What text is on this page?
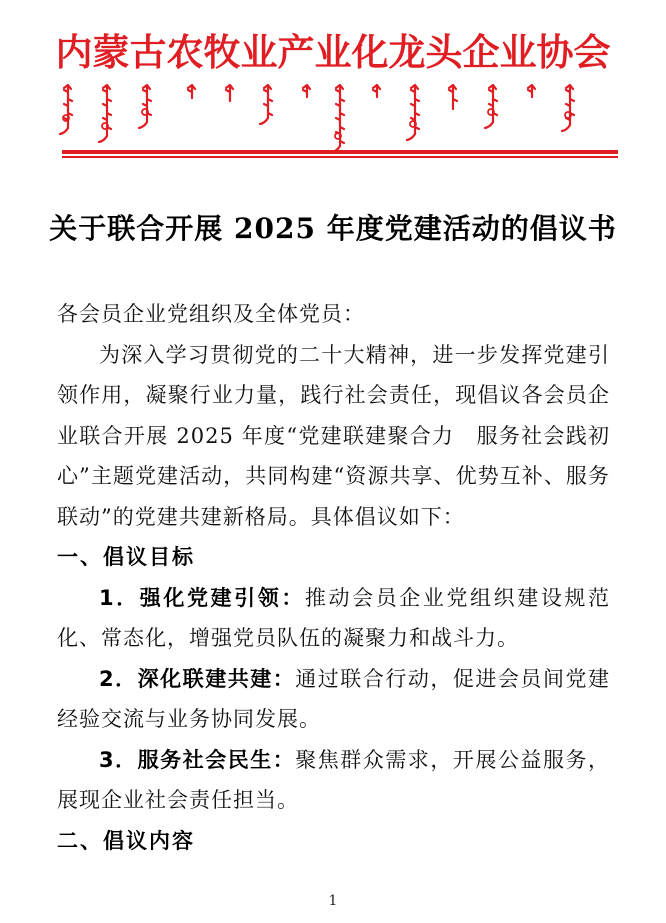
内蒙古农牧业产业化龙头企业协会
关于联合开展 2025 年度党建活动的倡议书

各会员企业党组织及全体党员：

为深入学习贯彻党的二十大精神，进一步发挥党建引领作用，凝聚行业力量，践行社会责任，现倡议各会员企业联合开展 2025 年度“党建联建聚合力　服务社会践初心”主题党建活动，共同构建“资源共享、优势互补、服务联动”的党建共建新格局。具体倡议如下：

一、倡议目标

1．强化党建引领：推动会员企业党组织建设规范化、常态化，增强党员队伍的凝聚力和战斗力。

2．深化联建共建：通过联合行动，促进会员间党建经验交流与业务协同发展。

3．服务社会民生：聚焦群众需求，开展公益服务，展现企业社会责任担当。

二、倡议内容

1
